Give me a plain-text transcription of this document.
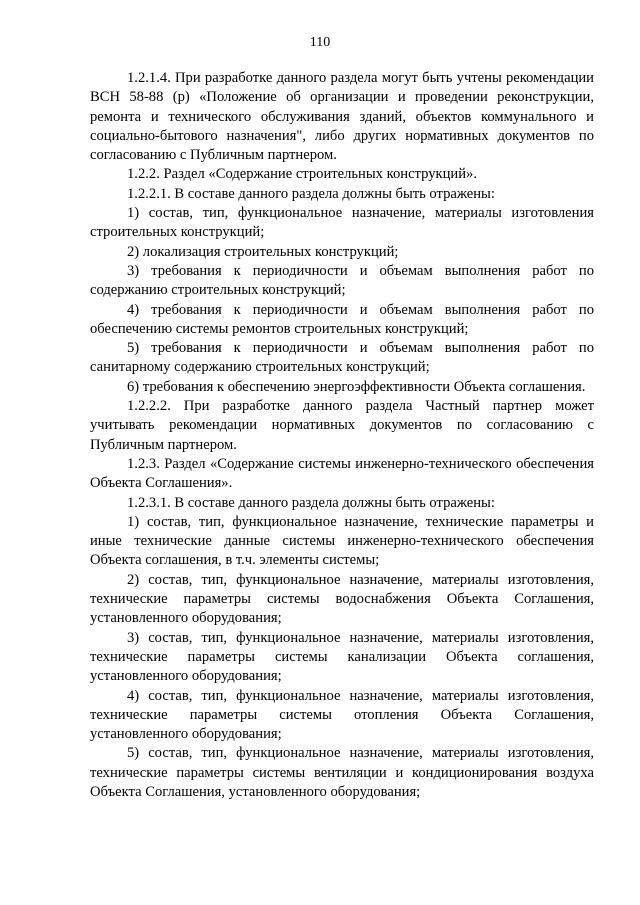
110

1.2.1.4. При разработке данного раздела могут быть учтены рекомендации ВСН 58-88 (р) «Положение об организации и проведении реконструкции, ремонта и технического обслуживания зданий, объектов коммунального и социально-бытового назначения", либо других нормативных документов по согласованию с Публичным партнером.

1.2.2. Раздел «Содержание строительных конструкций».

1.2.2.1. В составе данного раздела должны быть отражены:

1) состав, тип, функциональное назначение, материалы изготовления строительных конструкций;

2) локализация строительных конструкций;

3) требования к периодичности и объемам выполнения работ по содержанию строительных конструкций;

4) требования к периодичности и объемам выполнения работ по обеспечению системы ремонтов строительных конструкций;

5) требования к периодичности и объемам выполнения работ по санитарному содержанию строительных конструкций;

6) требования к обеспечению энергоэффективности Объекта соглашения.

1.2.2.2. При разработке данного раздела Частный партнер может учитывать рекомендации нормативных документов по согласованию с Публичным партнером.

1.2.3. Раздел «Содержание системы инженерно-технического обеспечения Объекта Соглашения».

1.2.3.1. В составе данного раздела должны быть отражены:

1) состав, тип, функциональное назначение, технические параметры и иные технические данные системы инженерно-технического обеспечения Объекта соглашения, в т.ч. элементы системы;

2) состав, тип, функциональное назначение, материалы изготовления, технические параметры системы водоснабжения Объекта Соглашения, установленного оборудования;

3) состав, тип, функциональное назначение, материалы изготовления, технические параметры системы канализации Объекта соглашения, установленного оборудования;

4) состав, тип, функциональное назначение, материалы изготовления, технические параметры системы отопления Объекта Соглашения, установленного оборудования;

5) состав, тип, функциональное назначение, материалы изготовления, технические параметры системы вентиляции и кондиционирования воздуха Объекта Соглашения, установленного оборудования;
